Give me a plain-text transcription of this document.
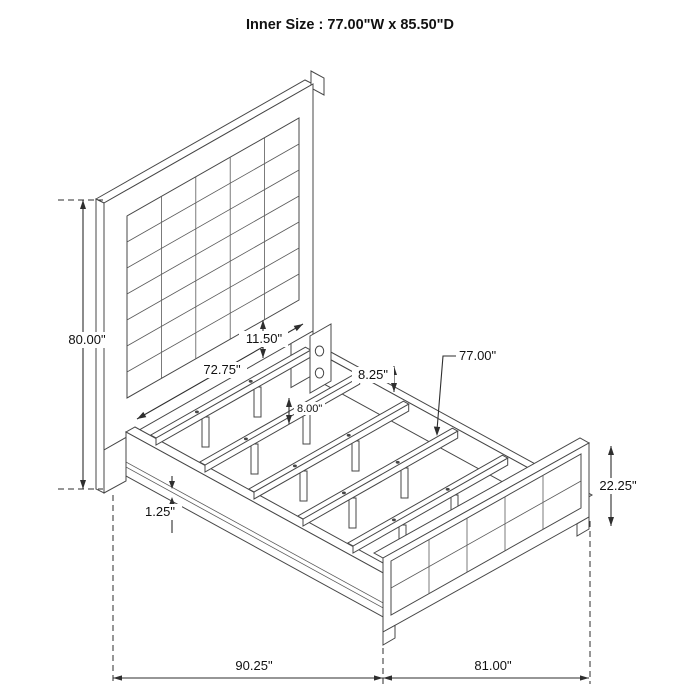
80.00"
72.75"
11.50"
8.25"
8.00"
77.00"
22.25"
1.25"
90.25"	81.00"
Inner Size : 77.00"W x 85.50"D
